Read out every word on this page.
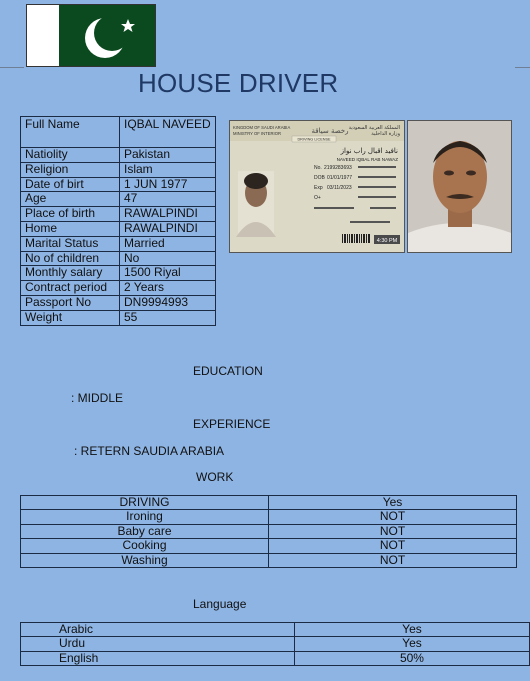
HOUSE DRIVER
Full Name	IQBAL NAVEED
Natiolity	Pakistan
Religion	Islam
Date of birt	1 JUN 1977
Age	47
Place of birth	RAWALPINDI
Home	RAWALPINDI
Marital Status	Married
No of children	No
Monthly salary	1500 Riyal
Contract period	2 Years
Passport No	DN9994993
Weight	55
KINGDOM OF SAUDI ARABIA
MINISTRY OF INTERIOR
المملكة العربية السعودية
وزارة الداخلية
رخصة سياقة
DRIVING LICENSE
نافيد اقبال راب نواز
NAVEED IQBAL RAB NAWAZ
No. 2199283693
DOB 01/01/1977
Exp 03/11/2023
O+
4:30 PM
EDUCATION
: MIDDLE
EXPERIENCE
: RETERN SAUDIA ARABIA
WORK
DRIVING	Yes
Ironing	NOT
Baby care	NOT
Cooking	NOT
Washing	NOT
Language
Arabic	Yes
Urdu	Yes
English	50%
